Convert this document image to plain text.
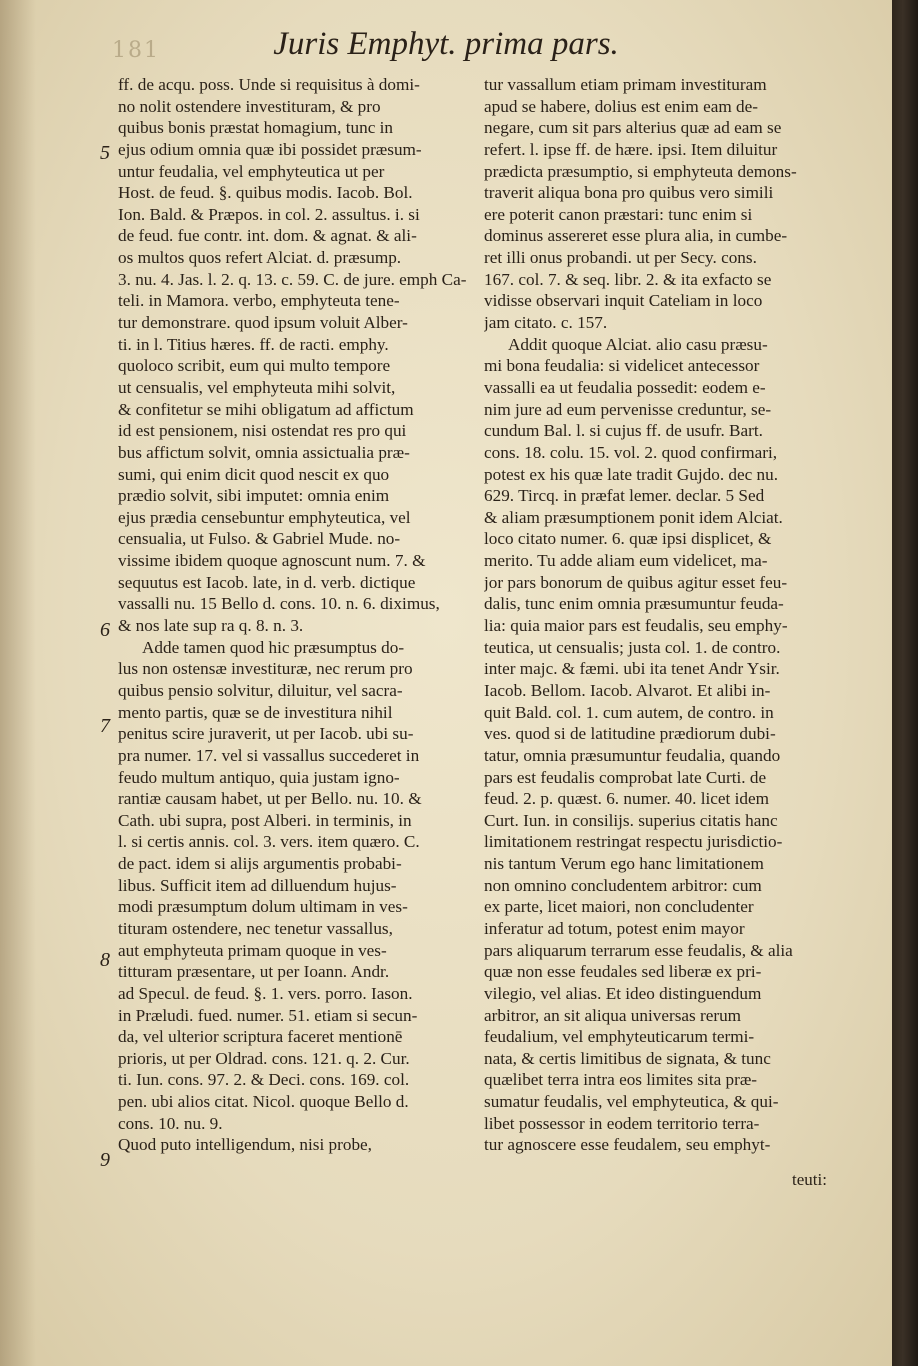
181	Juris Emphyt. prima pars.
ff. de acqu. poss. Unde si requisitus à domi-
no nolit ostendere investituram, & pro
quibus bonis præstat homagium, tunc in
ejus odium omnia quæ ibi possidet præsum-
untur feudalia, vel emphyteutica ut per
Host. de feud. §. quibus modis. Iacob. Bol.
Ion. Bald. & Præpos. in col. 2. assultus. i. si
de feud. fue contr. int. dom. & agnat. & ali-
os multos quos refert Alciat. d. præsump.
3. nu. 4. Jas. l. 2. q. 13. c. 59. C. de jure. emph Ca-
teli. in Mamora. verbo, emphyteuta tene-
tur demonstrare. quod ipsum voluit Alber-
ti. in l. Titius hæres. ff. de racti. emphy.
quoloco scribit, eum qui multo tempore
ut censualis, vel emphyteuta mihi solvit,
& confitetur se mihi obligatum ad affictum
id est pensionem, nisi ostendat res pro qui
bus affictum solvit, omnia assictualia præ-
sumi, qui enim dicit quod nescit ex quo
prædio solvit, sibi imputet: omnia enim
ejus prædia censebuntur emphyteutica, vel
censualia, ut Fulso. & Gabriel Mude. no-
vissime ibidem quoque agnoscunt num. 7. &
sequutus est Iacob. late, in d. verb. dictique
vassalli nu. 15 Bello d. cons. 10. n. 6. diximus,
& nos late sup ra q. 8. n. 3.
Adde tamen quod hic præsumptus do-
lus non ostensæ investituræ, nec rerum pro
quibus pensio solvitur, diluitur, vel sacra-
mento partis, quæ se de investitura nihil
penitus scire juraverit, ut per Iacob. ubi su-
pra numer. 17. vel si vassallus succederet in
feudo multum antiquo, quia justam igno-
rantiæ causam habet, ut per Bello. nu. 10. &
Cath. ubi supra, post Alberi. in terminis, in
l. si certis annis. col. 3. vers. item quæro. C.
de pact. idem si alijs argumentis probabi-
libus. Sufficit item ad dilluendum hujus-
modi præsumptum dolum ultimam in ves-
tituram ostendere, nec tenetur vassallus,
aut emphyteuta primam quoque in ves-
titturam præsentare, ut per Ioann. Andr.
ad Specul. de feud. §. 1. vers. porro. Iason.
in Præludi. fued. numer. 51. etiam si secun-
da, vel ulterior scriptura faceret mentionē
prioris, ut per Oldrad. cons. 121. q. 2. Cur.
ti. Iun. cons. 97. 2. & Deci. cons. 169. col.
pen. ubi alios citat. Nicol. quoque Bello d.
cons. 10. nu. 9.
Quod puto intelligendum, nisi probe,
tur vassallum etiam primam investituram
apud se habere, dolius est enim eam de-
negare, cum sit pars alterius quæ ad eam se
refert. l. ipse ff. de hære. ipsi. Item diluitur
prædicta præsumptio, si emphyteuta demons-
traverit aliqua bona pro quibus vero simili
ere poterit canon præstari: tunc enim si
dominus assereret esse plura alia, in cumbe-
ret illi onus probandi. ut per Secy. cons.
167. col. 7. & seq. libr. 2. & ita exfacto se
vidisse observari inquit Cateliam in loco
jam citato. c. 157.
Addit quoque Alciat. alio casu præsu-
mi bona feudalia: si videlicet antecessor
vassalli ea ut feudalia possedit: eodem e-
nim jure ad eum pervenisse creduntur, se-
cundum Bal. l. si cujus ff. de usufr. Bart.
cons. 18. colu. 15. vol. 2. quod confirmari,
potest ex his quæ late tradit Gujdo. dec nu.
629. Tircq. in præfat lemer. declar. 5 Sed
& aliam præsumptionem ponit idem Alciat.
loco citato numer. 6. quæ ipsi displicet, &
merito. Tu adde aliam eum videlicet, ma-
jor pars bonorum de quibus agitur esset feu-
dalis, tunc enim omnia præsumuntur feuda-
lia: quia maior pars est feudalis, seu emphy-
teutica, ut censualis; justa col. 1. de contro.
inter majc. & fæmi. ubi ita tenet Andr Ysir.
Iacob. Bellom. Iacob. Alvarot. Et alibi in-
quit Bald. col. 1. cum autem, de contro. in
ves. quod si de latitudine prædiorum dubi-
tatur, omnia præsumuntur feudalia, quando
pars est feudalis comprobat late Curti. de
feud. 2. p. quæst. 6. numer. 40. licet idem
Curt. Iun. in consilijs. superius citatis hanc
limitationem restringat respectu jurisdictio-
nis tantum Verum ego hanc limitationem
non omnino concludentem arbitror: cum
ex parte, licet maiori, non concludenter
inferatur ad totum, potest enim mayor
pars aliquarum terrarum esse feudalis, & alia
quæ non esse feudales sed liberæ ex pri-
vilegio, vel alias. Et ideo distinguendum
arbitror, an sit aliqua universas rerum
feudalium, vel emphyteuticarum termi-
nata, & certis limitibus de signata, & tunc
quælibet terra intra eos limites sita præ-
sumatur feudalis, vel emphyteutica, & qui-
libet possessor in eodem territorio terra-
tur agnoscere esse feudalem, seu emphyt-
5
6
7
8
9
teuti:
